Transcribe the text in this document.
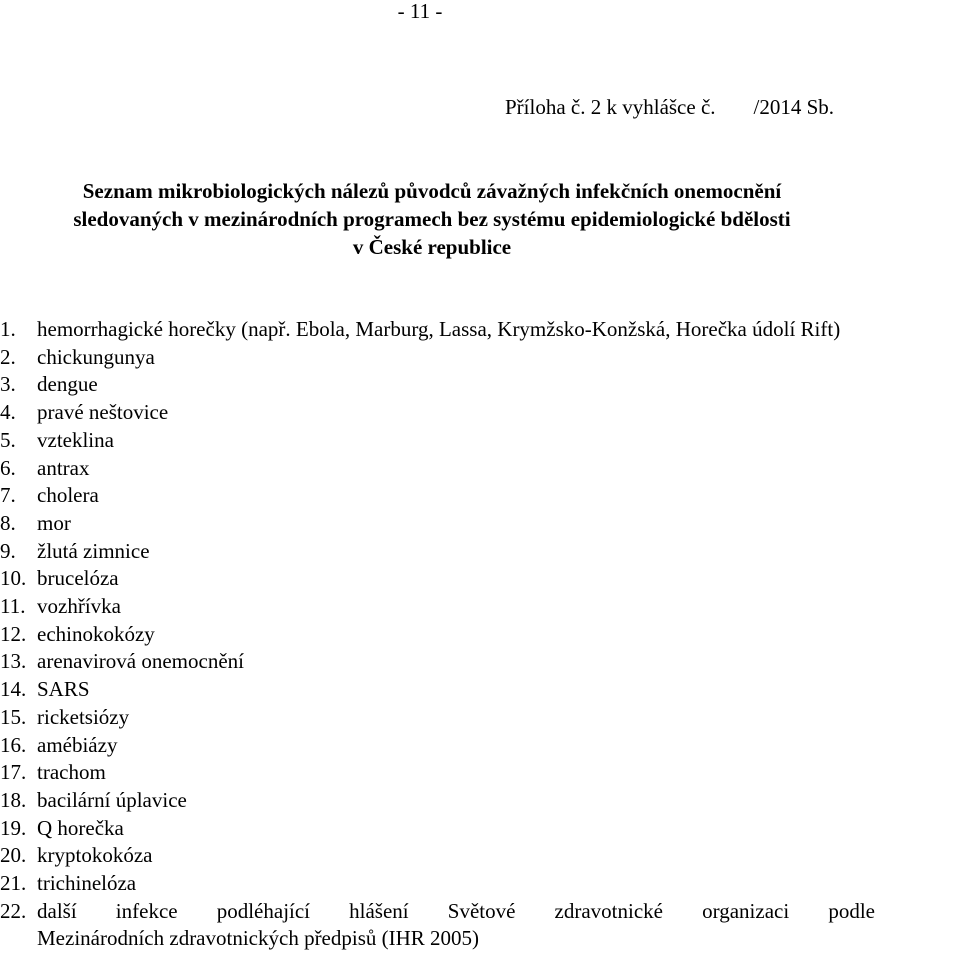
- 11 -
Příloha č. 2 k vyhlášce č. /2014 Sb.
Seznam mikrobiologických nálezů původců závažných infekčních onemocnění
sledovaných v mezinárodních programech bez systému epidemiologické bdělosti
v České republice
1. hemorrhagické horečky (např. Ebola, Marburg, Lassa, Krymžsko-Konžská, Horečka údolí Rift)
2. chickungunya
3. dengue
4. pravé neštovice
5. vzteklina
6. antrax
7. cholera
8. mor
9. žlutá zimnice
10. brucelóza
11. vozhřívka
12. echinokokózy
13. arenavirová onemocnění
14. SARS
15. ricketsiózy
16. amébiázy
17. trachom
18. bacilární úplavice
19. Q horečka
20. kryptokokóza
21. trichinelóza
22. další infekce podléhající hlášení Světové zdravotnické organizaci podle
Mezinárodních zdravotnických předpisů (IHR 2005)
